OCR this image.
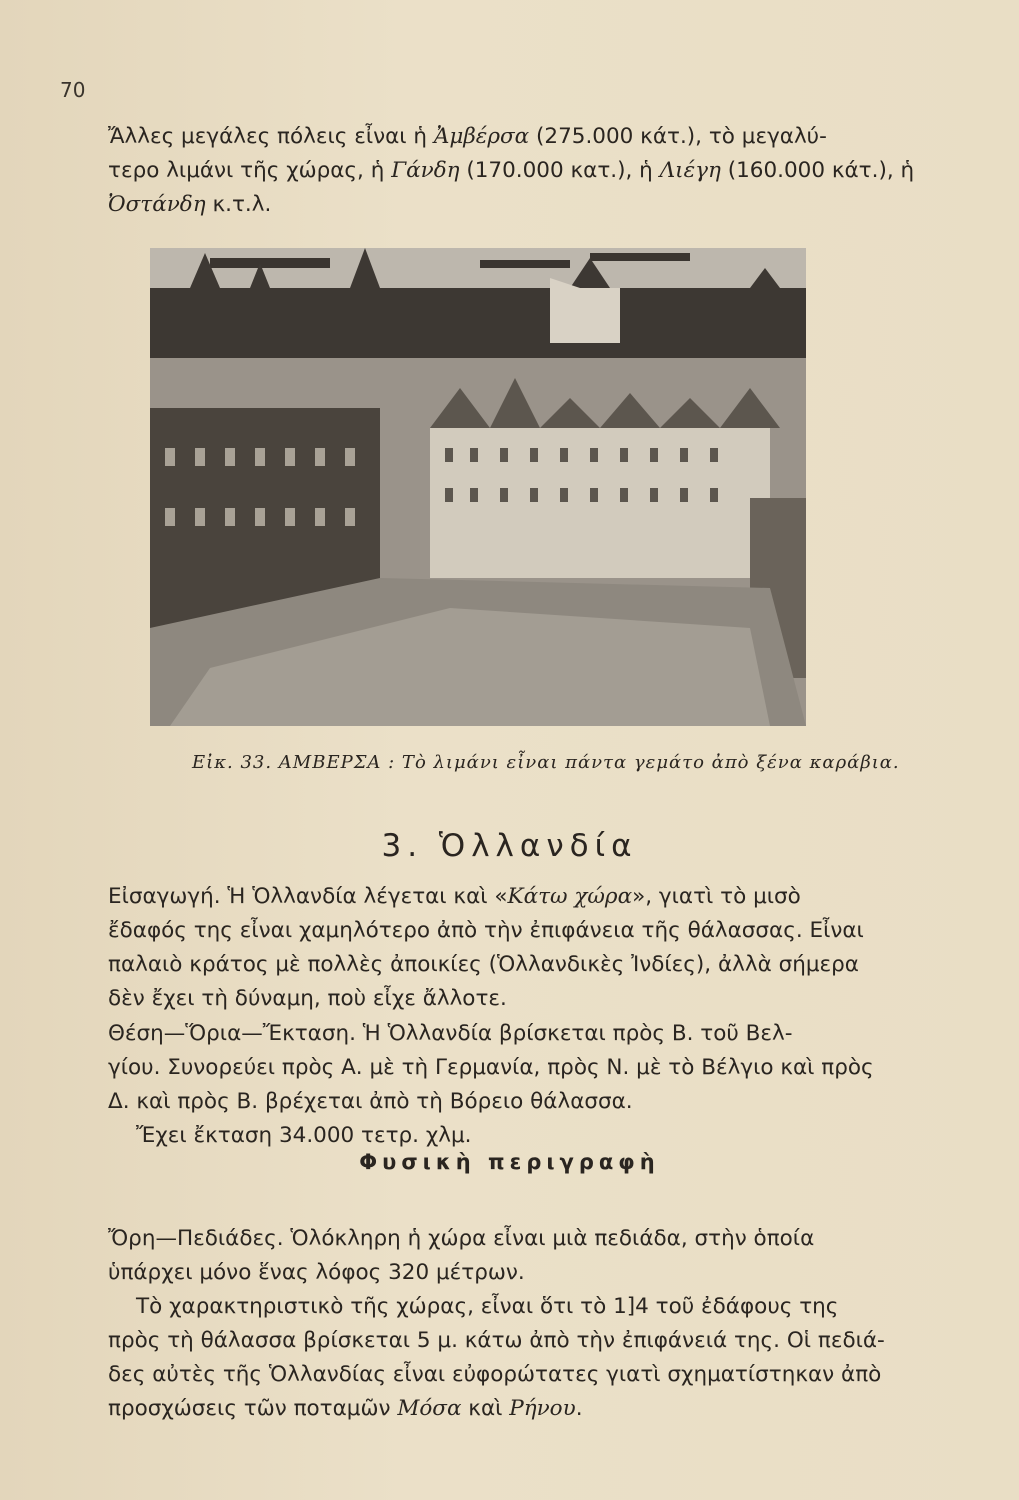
70
Ἄλλες μεγάλες πόλεις εἶναι ἡ Ἀμβέρσα (275.000 κάτ.), τὸ μεγαλύ-
τερο λιμάνι τῆς χώρας, ἡ Γάνδη (170.000 κατ.), ἡ Λιέγη (160.000 κάτ.), ἡ
Ὀστάνδη κ.τ.λ.
Εἰκ. 33. ΑΜΒΕΡΣΑ : Τὸ λιμάνι εἶναι πάντα γεμάτο ἀπὸ ξένα καράβια.
3. Ὁλλανδία
Εἰσαγωγή. Ἡ Ὁλλανδία λέγεται καὶ «Κάτω χώρα», γιατὶ τὸ μισὸ
ἔδαφός της εἶναι χαμηλότερο ἀπὸ τὴν ἐπιφάνεια τῆς θάλασσας. Εἶναι
παλαιὸ κράτος μὲ πολλὲς ἀποικίες (Ὁλλανδικὲς Ἰνδίες), ἀλλὰ σήμερα
δὲν ἔχει τὴ δύναμη, ποὺ εἶχε ἄλλοτε.
Θέση—Ὅρια—Ἔκταση. Ἡ Ὁλλανδία βρίσκεται πρὸς Β. τοῦ Βελ-
γίου. Συνορεύει πρὸς Α. μὲ τὴ Γερμανία, πρὸς Ν. μὲ τὸ Βέλγιο καὶ πρὸς
Δ. καὶ πρὸς Β. βρέχεται ἀπὸ τὴ Βόρειο θάλασσα.
Ἔχει ἔκταση 34.000 τετρ. χλμ.
Φυσικὴ περιγραφὴ
Ὄρη—Πεδιάδες. Ὁλόκληρη ἡ χώρα εἶναι μιὰ πεδιάδα, στὴν ὁποία
ὑπάρχει μόνο ἕνας λόφος 320 μέτρων.
Τὸ χαρακτηριστικὸ τῆς χώρας, εἶναι ὅτι τὸ 1]4 τοῦ ἐδάφους της
πρὸς τὴ θάλασσα βρίσκεται 5 μ. κάτω ἀπὸ τὴν ἐπιφάνειά της. Οἱ πεδιά-
δες αὐτὲς τῆς Ὁλλανδίας εἶναι εὐφορώτατες γιατὶ σχηματίστηκαν ἀπὸ
προσχώσεις τῶν ποταμῶν Μόσα καὶ Ρήνου.
